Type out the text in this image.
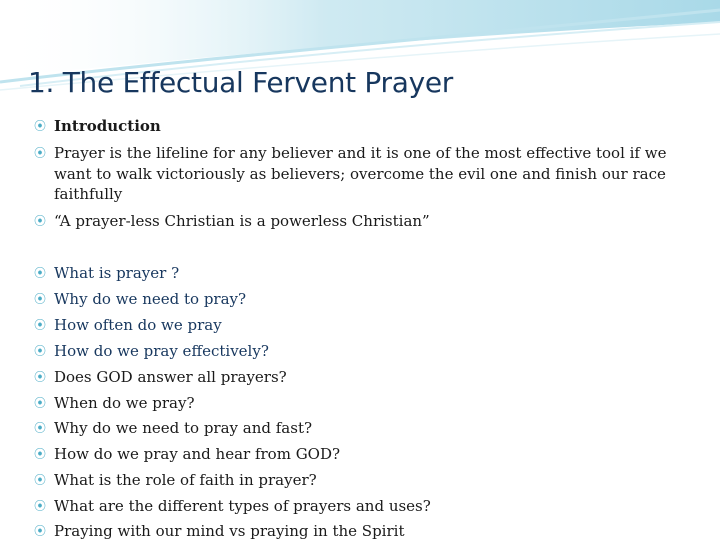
1. The Effectual Fervent Prayer
⦿ Introduction
⦿ Prayer is the lifeline for any believer and it is one of the most effective tool if we want to walk victoriously as believers; overcome the evil one and finish our race faithfully
⦿ “A prayer-less Christian is a powerless Christian”
⦿ What is prayer ?
⦿ Why do we need to pray?
⦿ How often do we pray
⦿ How do we pray effectively?
⦿ Does GOD answer all prayers?
⦿ When do we pray?
⦿ Why do we need to pray and fast?
⦿ How do we pray and hear from GOD?
⦿ What is the role of faith in prayer?
⦿ What are the different types of prayers and uses?
⦿ Praying with our mind vs praying in the Spirit
